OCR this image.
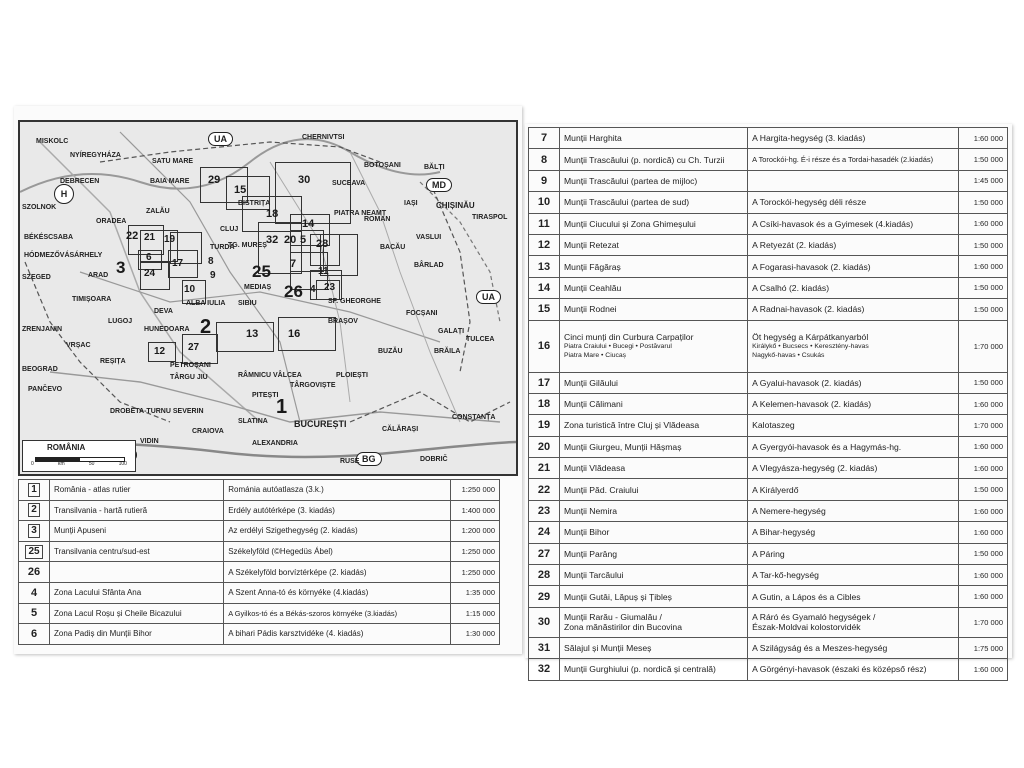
29
15
30
18
14
32 20 5 28
21 19
22
6
17
9
8
10
24
3	25 7
11
26 4 23
16
13
12 27
2
1
UA
UA
H
MD
BG
MISKOLC
NYÍREGYHÁZA
DEBRECEN
SZOLNOK
BÉKÉSCSABA
HÓDMEZŐVÁSÁRHELY
SZEGED	ARAD
TIMIȘOARA
ZRENJANIN
BEOGRAD
PANČEVO
VRȘAC
REȘIȚA
LUGOJ
HUNEDOARA
DEVA
ORADEA
SATU MARE
BAIA MARE
ZALĂU
CLUJ
TURDA
BISTRIȚA
TG. MUREȘ
MEDIAȘ
SIBIU
ALBA IULIA
PETROȘANI
TÂRGU JIU
DROBETA-TURNU SEVERIN
CRAIOVA
VIDIN
SLATINA
PITEȘTI
RÂMNICU VÂLCEA
TÂRGOVIȘTE
BUCUREȘTI
ALEXANDRIA
RUSE
CĂLĂRAȘI
CONSTANȚA
DOBRIČ
BRAȘOV
SF. GHEORGHE
PLOIEȘTI
BUZĂU	BRĂILA
GALAȚI
TULCEA
FOCȘANI
BACĂU
PIATRA NEAMȚ
ROMAN
IAȘI
BOTOȘANI
SUCEAVA
BĂLȚI
CHIȘINĂU
TIRASPOL
CHERNIVTSI
VASLUI
BÂRLAD
ROMÂNIA
0	km	50	100
1	România - atlas rutier	Románia autóatlasza (3.k.)	1:250 000
2	Transilvania - hartă rutieră	Erdély autótérképe (3. kiadás)	1:400 000
3	Munții Apuseni	Az erdélyi Szigethegység (2. kiadás)	1:200 000
25	Transilvania centru/sud-est	Székelyföld (©Hegedüs Ábel)	1:250 000
26		A Székelyföld borvíztérképe (2. kiadás)	1:250 000
4	Zona Lacului Sfânta Ana	A Szent Anna-tó és környéke (4.kiadás)	1:35 000
5	Zona Lacul Roșu și Cheile Bicazului	A Gyilkos-tó és a Békás-szoros környéke (3.kiadás)	1:15 000
6	Zona Padiș din Munții Bihor	A bihari Pádis karsztvidéke (4. kiadás)	1:30 000
7	Munții Harghita	A Hargita-hegység (3. kiadás)	1:60 000
8	Munții Trascăului (p. nordică) cu Ch. Turzii	A Torockói-hg. É-i része és a Tordai-hasadék (2.kiadás)	1:50 000
9	Munții Trascăului (partea de mijloc)		1:45 000
10	Munții Trascăului (partea de sud)	A Torockói-hegység déli része	1:50 000
11	Munții Ciucului și Zona Ghimeșului	A Csíki-havasok és a Gyimesek (4.kiadás)	1:60 000
12	Munții Retezat	A Retyezát (2. kiadás)	1:50 000
13	Munții Făgăraș	A Fogarasi-havasok (2. kiadás)	1:60 000
14	Munții Ceahlău	A Csalhó (2. kiadás)	1:50 000
15	Munții Rodnei	A Radnai-havasok (2. kiadás)	1:50 000
16	Cinci munți din Curbura Carpaților
Piatra Craiului • Bucegi • Postăvarul
Piatra Mare • Ciucaș	Öt hegység a Kárpátkanyarból
Királykő • Bucsecs • Keresztény-havas
Nagykő-havas • Csukás	1:70 000
17	Munții Gilăului	A Gyalui-havasok (2. kiadás)	1:50 000
18	Munții Călimani	A Kelemen-havasok (2. kiadás)	1:60 000
19	Zona turistică între Cluj și Vlădeasa	Kalotaszeg	1:70 000
20	Munții Giurgeu, Munții Hășmaș	A Gyergyói-havasok és a Hagymás-hg.	1:60 000
21	Munții Vlădeasa	A Vlegyásza-hegység (2. kiadás)	1:60 000
22	Munții Păd. Craiului	A Királyerdő	1:50 000
23	Munții Nemira	A Nemere-hegység	1:60 000
24	Munții Bihor	A Bihar-hegység	1:60 000
27	Munții Parâng	A Páring	1:50 000
28	Munții Tarcăului	A Tar-kő-hegység	1:60 000
29	Munții Gutâi, Lăpuș și Țibleș	A Gutin, a Lápos és a Cibles	1:60 000
30	Munții Rarău - Giumalău /
Zona mănăstirilor din Bucovina	A Ráró és Gyamaló hegységek /
Észak-Moldvai kolostorvidék	1:70 000
31	Sălajul și Munții Meseș	A Szilágyság és a Meszes-hegység	1:75 000
32	Munții Gurghiului (p. nordică și centrală)	A Görgényi-havasok (északi és középső rész)	1:60 000
